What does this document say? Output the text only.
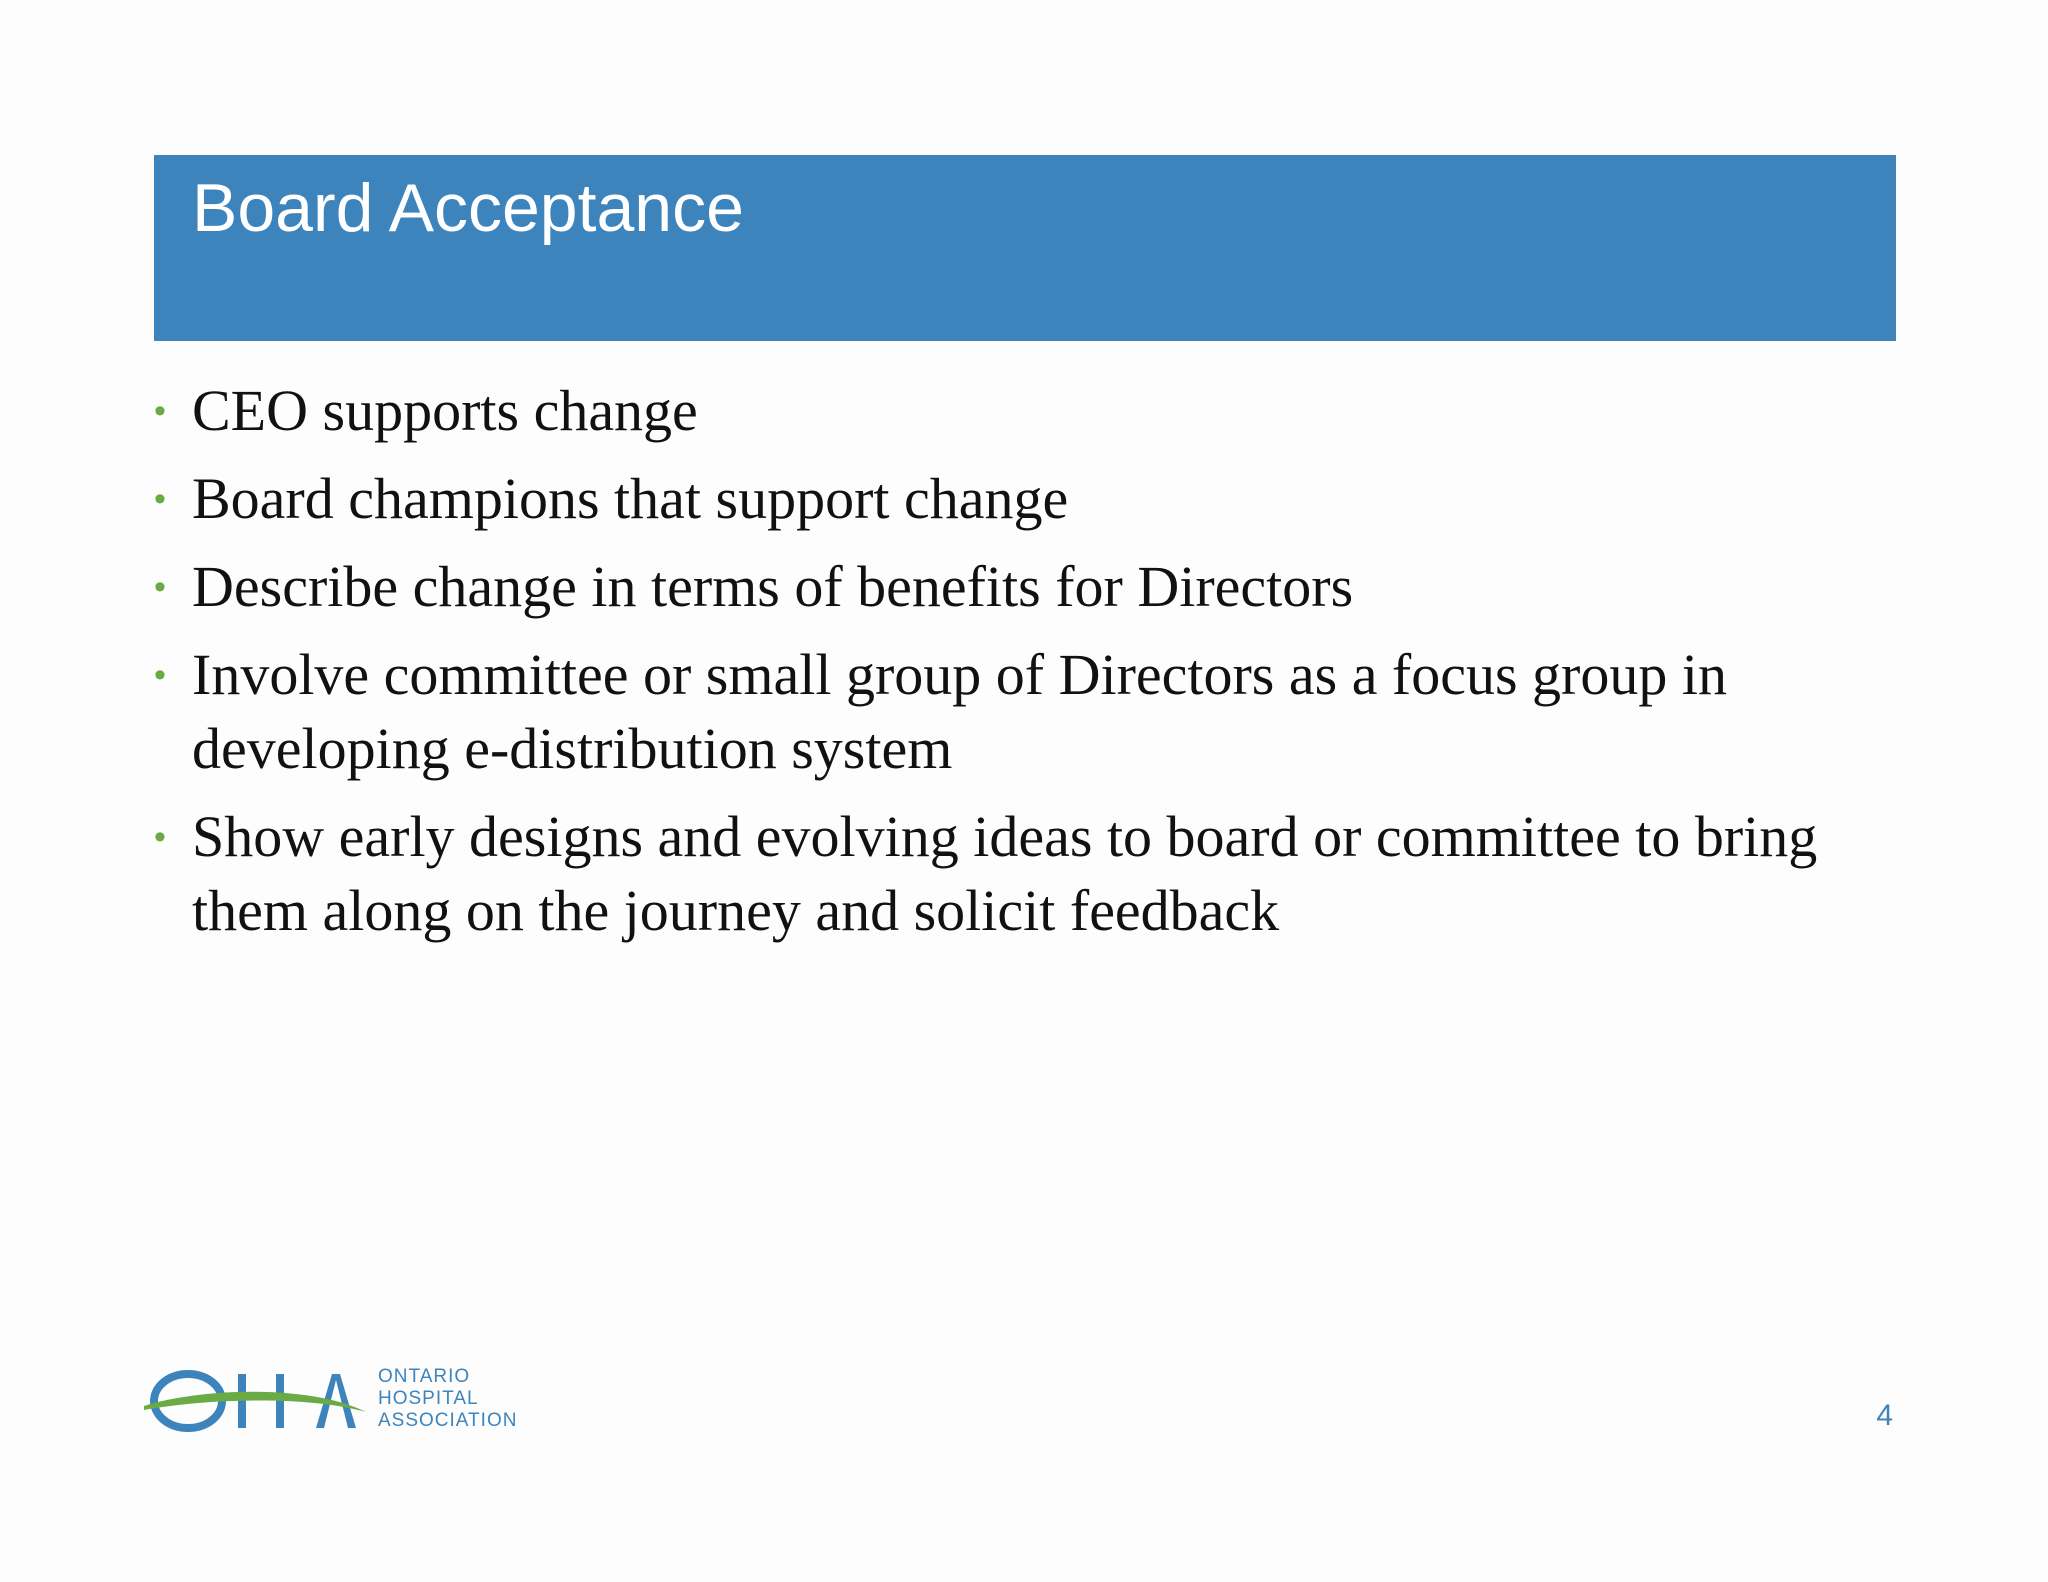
Board Acceptance
• CEO supports change
• Board champions that support change
• Describe change in terms of benefits for Directors
• Involve committee or small group of Directors as a focus group in developing e-distribution system
• Show early designs and evolving ideas to board or committee to bring them along on the journey and solicit feedback
ONTARIO
HOSPITAL
ASSOCIATION	4
